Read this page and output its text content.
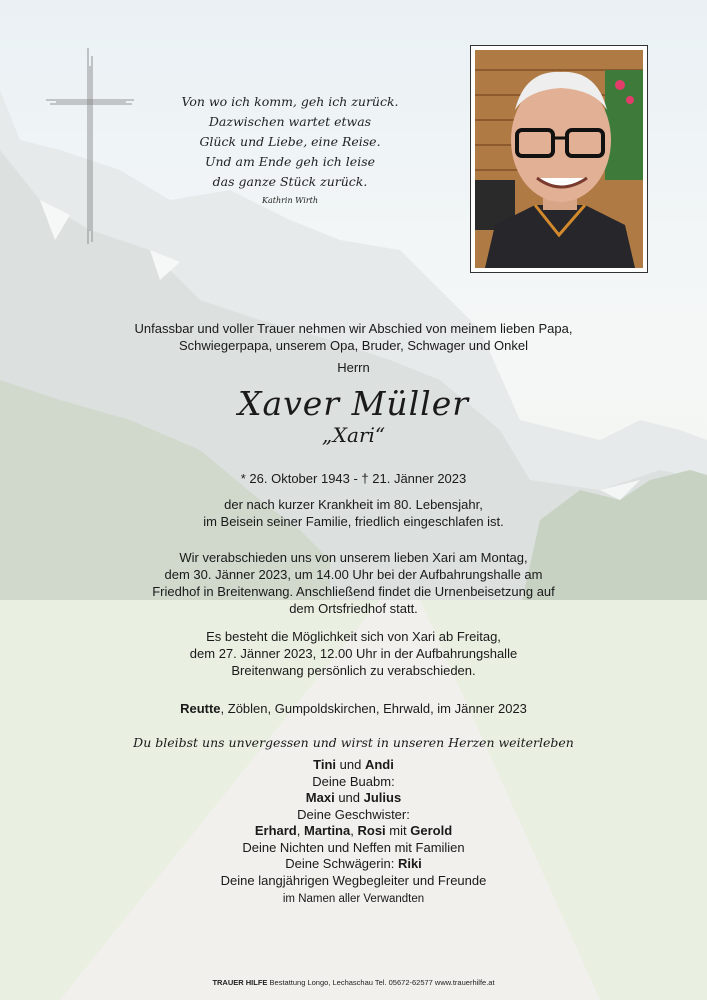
Von wo ich komm, geh ich zurück.
Dazwischen wartet etwas
Glück und Liebe, eine Reise.
Und am Ende geh ich leise
das ganze Stück zurück.
Kathrin Wirth
Unfassbar und voller Trauer nehmen wir Abschied von meinem lieben Papa,
Schwiegerpapa, unserem Opa, Bruder, Schwager und Onkel
Herrn
Xaver Müller
„Xari“
* 26. Oktober 1943 - † 21. Jänner 2023
der nach kurzer Krankheit im 80. Lebensjahr,
im Beisein seiner Familie, friedlich eingeschlafen ist.
Wir verabschieden uns von unserem lieben Xari am Montag,
dem 30. Jänner 2023, um 14.00 Uhr bei der Aufbahrungshalle am
Friedhof in Breitenwang. Anschließend findet die Urnenbeisetzung auf
dem Ortsfriedhof statt.
Es besteht die Möglichkeit sich von Xari ab Freitag,
dem 27. Jänner 2023, 12.00 Uhr in der Aufbahrungshalle
Breitenwang persönlich zu verabschieden.
Reutte, Zöblen, Gumpoldskirchen, Ehrwald, im Jänner 2023
Du bleibst uns unvergessen und wirst in unseren Herzen weiterleben
Tini und Andi
Deine Buabm:
Maxi und Julius
Deine Geschwister:
Erhard, Martina, Rosi mit Gerold
Deine Nichten und Neffen mit Familien
Deine Schwägerin: Riki
Deine langjährigen Wegbegleiter und Freunde
im Namen aller Verwandten
TRAUER HILFE Bestattung Longo, Lechaschau Tel. 05672-62577 www.trauerhilfe.at
